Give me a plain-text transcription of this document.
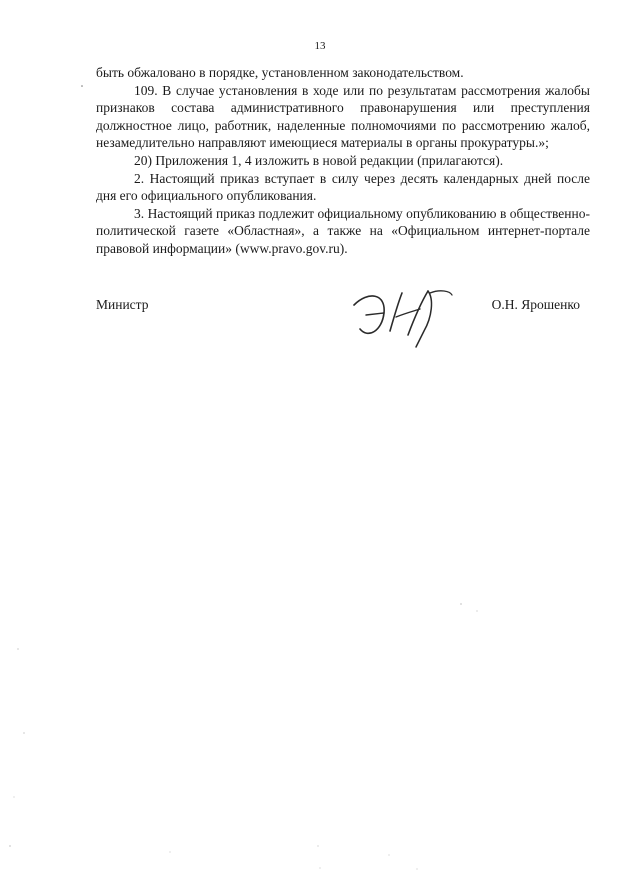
13

быть обжаловано в порядке, установленном законодательством.

109. В случае установления в ходе или по результатам рассмотрения жалобы признаков состава административного правонарушения или преступления должностное лицо, работник, наделенные полномочиями по рассмотрению жалоб, незамедлительно направляют имеющиеся материалы в органы прокуратуры.»;

20) Приложения 1, 4 изложить в новой редакции (прилагаются).

2. Настоящий приказ вступает в силу через десять календарных дней после дня его официального опубликования.

3. Настоящий приказ подлежит официальному опубликованию в общественно-политической газете «Областная», а также на «Официальном интернет-портале правовой информации» (www.pravo.gov.ru).

Министр	О.Н. Ярошенко
